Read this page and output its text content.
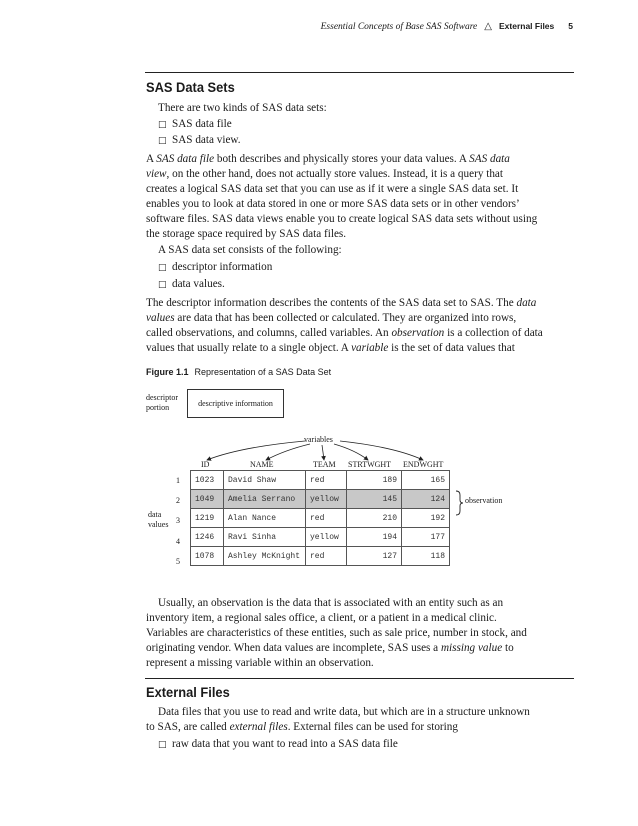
Essential Concepts of Base SAS Software △ External Files 5
SAS Data Sets
There are two kinds of SAS data sets:
□ SAS data file
□ SAS data view.
A SAS data file both describes and physically stores your data values. A SAS data
view, on the other hand, does not actually store values. Instead, it is a query that
creates a logical SAS data set that you can use as if it were a single SAS data set. It
enables you to look at data stored in one or more SAS data sets or in other vendors’
software files. SAS data views enable you to create logical SAS data sets without using
the storage space required by SAS data files.
A SAS data set consists of the following:
□ descriptor information
□ data values.
The descriptor information describes the contents of the SAS data set to SAS. The data
values are data that has been collected or calculated. They are organized into rows,
called observations, and columns, called variables. An observation is a collection of data
values that usually relate to a single object. A variable is the set of data values that
Figure 1.1 Representation of a SAS Data Set
descriptor
portion	descriptive information
variables
ID	NAME	TEAM STRTWGHT ENDWGHT
1
2
3
4
5
data
values
observation
1023	David Shaw	red	189	165
1049	Amelia Serrano	yellow	145	124
1219	Alan Nance	red	210	192
1246	Ravi Sinha	yellow	194	177
1078	Ashley McKnight	red	127	118
Usually, an observation is the data that is associated with an entity such as an
inventory item, a regional sales office, a client, or a patient in a medical clinic.
Variables are characteristics of these entities, such as sale price, number in stock, and
originating vendor. When data values are incomplete, SAS uses a missing value to
represent a missing variable within an observation.
External Files
Data files that you use to read and write data, but which are in a structure unknown
to SAS, are called external files. External files can be used for storing
□ raw data that you want to read into a SAS data file
